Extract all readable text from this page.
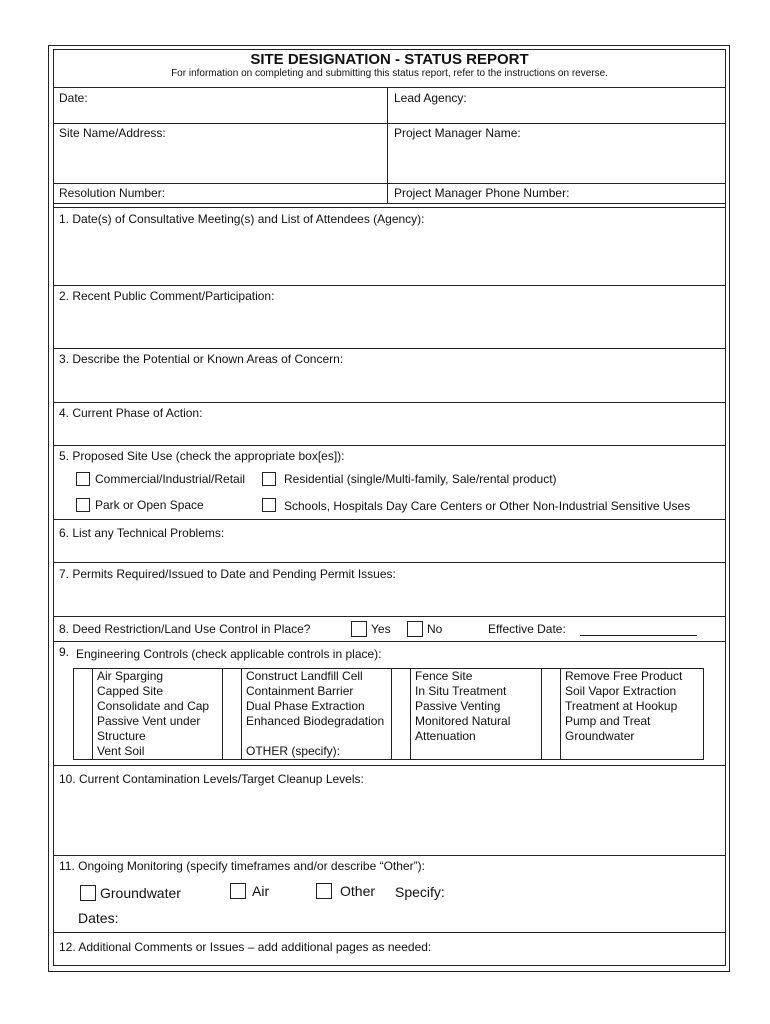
SITE DESIGNATION - STATUS REPORT
For information on completing and submitting this status report, refer to the instructions on reverse.
Date:	Lead Agency:
Site Name/Address:	Project Manager Name:
Resolution Number:	Project Manager Phone Number:
1. Date(s) of Consultative Meeting(s) and List of Attendees (Agency):
2. Recent Public Comment/Participation:
3. Describe the Potential or Known Areas of Concern:
4. Current Phase of Action:
5. Proposed Site Use (check the appropriate box[es]):
Commercial/Industrial/Retail	Residential (single/Multi-family, Sale/rental product)
Park or Open Space	Schools, Hospitals Day Care Centers or Other Non-Industrial Sensitive Uses
6. List any Technical Problems:
7. Permits Required/Issued to Date and Pending Permit Issues:
8. Deed Restriction/Land Use Control in Place?	Yes	No	Effective Date:
9. Engineering Controls (check applicable controls in place):
	Air Sparging		Construct Landfill Cell		Fence Site		Remove Free Product
	Capped Site		Containment Barrier		In Situ Treatment		Soil Vapor Extraction
	Consolidate and Cap		Dual Phase Extraction		Passive Venting		Treatment at Hookup
	Passive Vent under Structure		Enhanced Biodegradation		Monitored Natural Attenuation		Pump and Treat Groundwater
	Vent Soil		OTHER (specify):				
10. Current Contamination Levels/Target Cleanup Levels:
11. Ongoing Monitoring (specify timeframes and/or describe “Other”):
Groundwater	Air	Other Specify:
Dates:
12. Additional Comments or Issues – add additional pages as needed:
